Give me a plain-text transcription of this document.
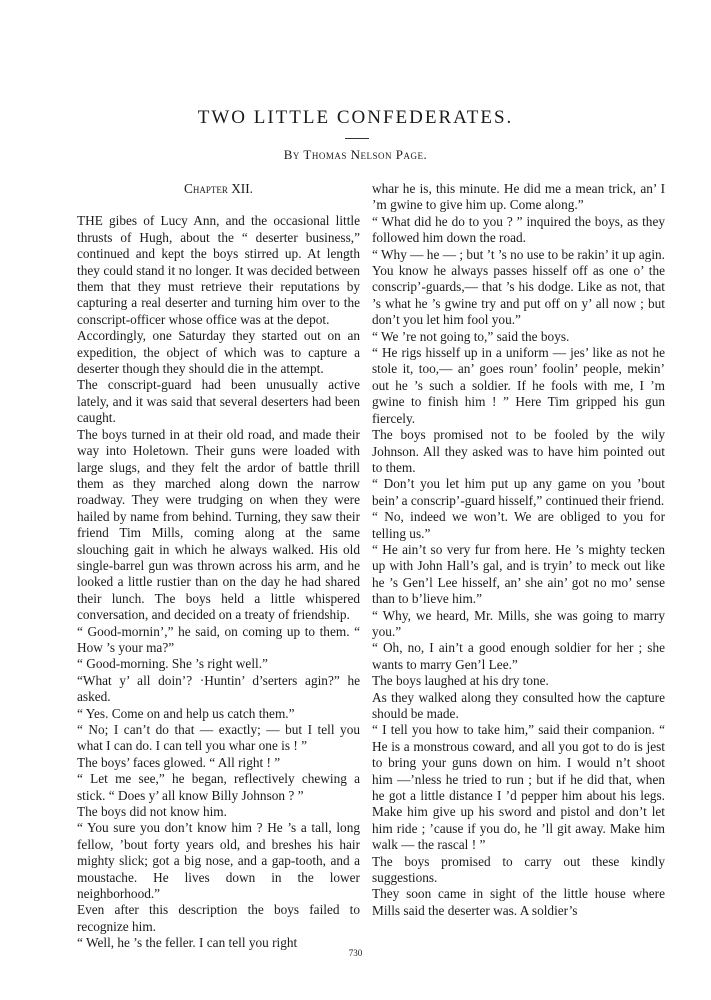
TWO LITTLE CONFEDERATES.
By Thomas Nelson Page.
Chapter XII.

THE gibes of Lucy Ann, and the occasional little thrusts of Hugh, about the “ deserter business,” continued and kept the boys stirred up. At length they could stand it no longer. It was decided between them that they must retrieve their reputations by capturing a real deserter and turning him over to the conscript-officer whose office was at the depot.

Accordingly, one Saturday they started out on an expedition, the object of which was to capture a deserter though they should die in the attempt.

The conscript-guard had been unusually active lately, and it was said that several deserters had been caught.

The boys turned in at their old road, and made their way into Holetown. Their guns were loaded with large slugs, and they felt the ardor of battle thrill them as they marched along down the narrow roadway. They were trudging on when they were hailed by name from behind. Turning, they saw their friend Tim Mills, coming along at the same slouching gait in which he always walked. His old single-barrel gun was thrown across his arm, and he looked a little rustier than on the day he had shared their lunch. The boys held a little whispered conversation, and decided on a treaty of friendship.

“ Good-mornin’,” he said, on coming up to them. “ How ’s your ma?”

“ Good-morning. She ’s right well.”

“What y’ all doin’? ·Huntin’ d’serters agin?” he asked.

“ Yes. Come on and help us catch them.”

“ No; I can’t do that — exactly; — but I tell you what I can do. I can tell you whar one is ! ”

The boys’ faces glowed. “ All right ! ”

“ Let me see,” he began, reflectively chewing a stick. “ Does y’ all know Billy Johnson ? ”

The boys did not know him.

“ You sure you don’t know him ? He ’s a tall, long fellow, ’bout forty years old, and breshes his hair mighty slick; got a big nose, and a gap-tooth, and a moustache. He lives down in the lower neighborhood.”

Even after this description the boys failed to recognize him.

“ Well, he ’s the feller. I can tell you right

whar he is, this minute. He did me a mean trick, an’ I ’m gwine to give him up. Come along.”

“ What did he do to you ? ” inquired the boys, as they followed him down the road.

“ Why — he — ; but ’t ’s no use to be rakin’ it up agin. You know he always passes hisself off as one o’ the conscrip’-guards,— that ’s his dodge. Like as not, that ’s what he ’s gwine try and put off on y’ all now ; but don’t you let him fool you.”

“ We ’re not going to,” said the boys.

“ He rigs hisself up in a uniform — jes’ like as not he stole it, too,— an’ goes roun’ foolin’ people, mekin’ out he ’s such a soldier. If he fools with me, I ’m gwine to finish him ! ” Here Tim gripped his gun fiercely.

The boys promised not to be fooled by the wily Johnson. All they asked was to have him pointed out to them.

“ Don’t you let him put up any game on you ’bout bein’ a conscrip’-guard hisself,” continued their friend.

“ No, indeed we won’t. We are obliged to you for telling us.”

“ He ain’t so very fur from here. He ’s mighty tecken up with John Hall’s gal, and is tryin’ to meck out like he ’s Gen’l Lee hisself, an’ she ain’ got no mo’ sense than to b’lieve him.”

“ Why, we heard, Mr. Mills, she was going to marry you.”

“ Oh, no, I ain’t a good enough soldier for her ; she wants to marry Gen’l Lee.”

The boys laughed at his dry tone.

As they walked along they consulted how the capture should be made.

“ I tell you how to take him,” said their companion. “ He is a monstrous coward, and all you got to do is jest to bring your guns down on him. I would n’t shoot him —’nless he tried to run ; but if he did that, when he got a little distance I ’d pepper him about his legs. Make him give up his sword and pistol and don’t let him ride ; ’cause if you do, he ’ll git away. Make him walk — the rascal ! ”

The boys promised to carry out these kindly suggestions.

They soon came in sight of the little house where Mills said the deserter was. A soldier’s

730
